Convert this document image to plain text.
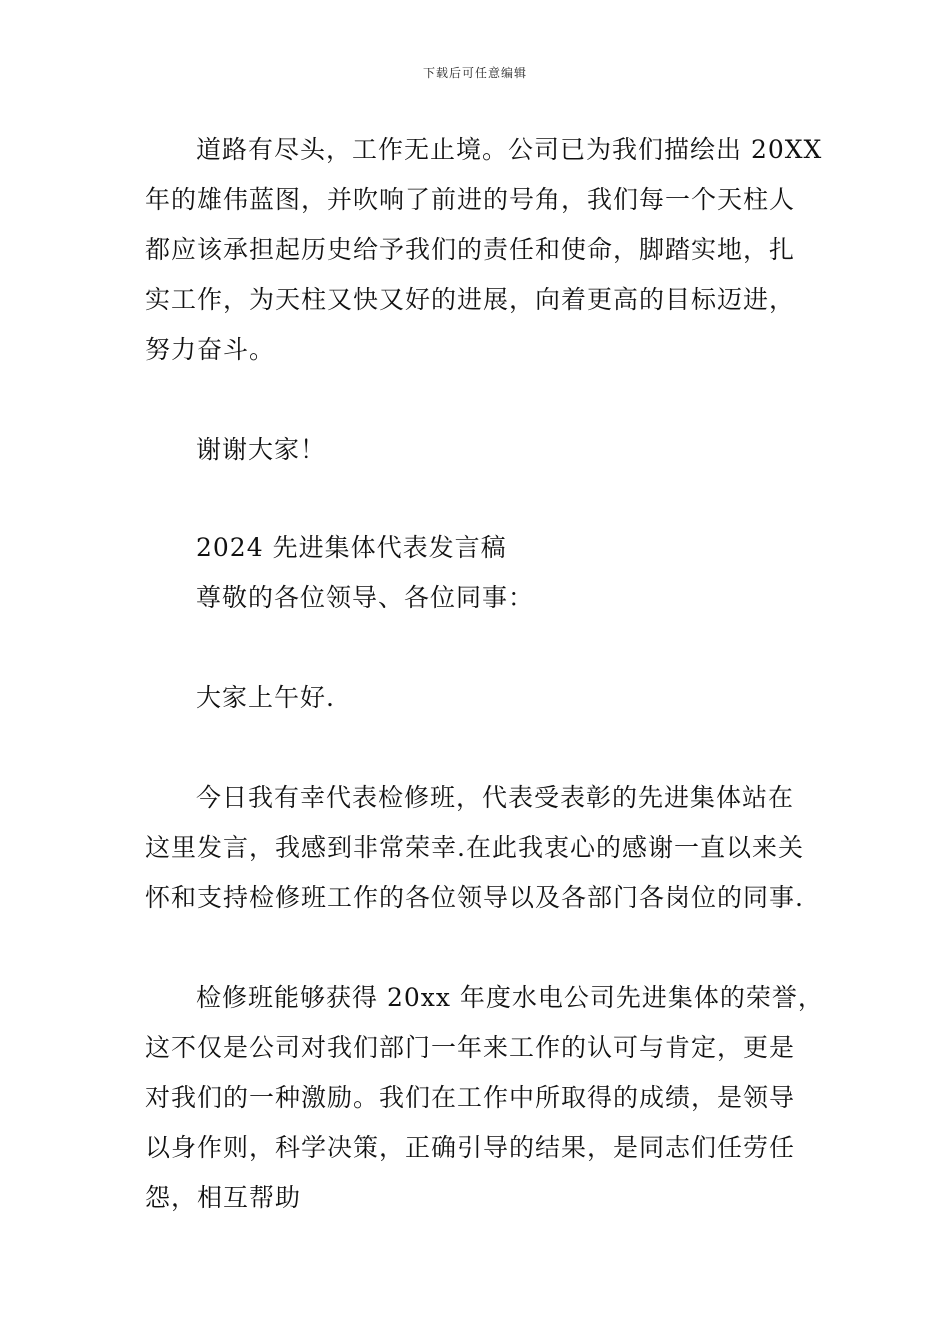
下载后可任意编辑
道路有尽头，工作无止境。公司已为我们描绘出 20XX
年的雄伟蓝图，并吹响了前进的号角，我们每一个天柱人
都应该承担起历史给予我们的责任和使命，脚踏实地，扎
实工作，为天柱又快又好的进展，向着更高的目标迈进，
努力奋斗。
谢谢大家！
2024 先进集体代表发言稿
尊敬的各位领导、各位同事：
大家上午好.
今日我有幸代表检修班，代表受表彰的先进集体站在
这里发言，我感到非常荣幸.在此我衷心的感谢一直以来关
怀和支持检修班工作的各位领导以及各部门各岗位的同事.
检修班能够获得 20xx 年度水电公司先进集体的荣誉，
这不仅是公司对我们部门一年来工作的认可与肯定，更是
对我们的一种激励。我们在工作中所取得的成绩，是领导
以身作则，科学决策，正确引导的结果，是同志们任劳任
怨，相互帮助
